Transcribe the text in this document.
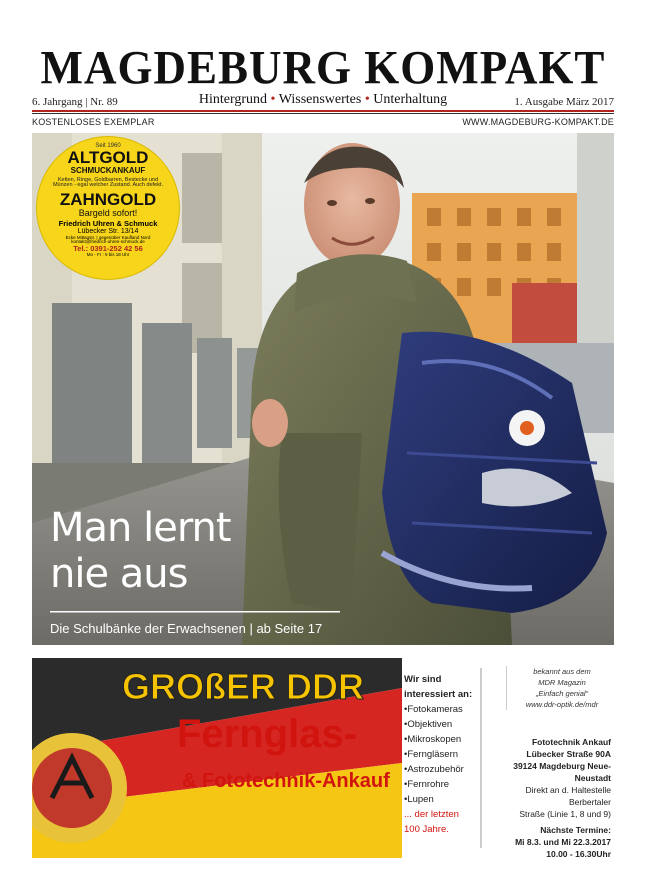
MAGDEBURG KOMPAKT
6. Jahrgang | Nr. 89	Hintergrund • Wissenswertes • Unterhaltung	1. Ausgabe März 2017
KOSTENLOSES EXEMPLAR	WWW.MAGDEBURG-KOMPAKT.DE
Man lernt
nie aus
Die Schulbänke der Erwachsenen | ab Seite 17
Seit 1960
ALTGOLD
SCHMUCKANKAUF
Ketten, Ringe, Goldbarren, Bestecke und Münzen - egal welcher Zustand. Auch defekt.
ZAHNGOLD
Bargeld sofort!
Friedrich Uhren & Schmuck
Lübecker Str. 13/14
Ecke Mittagstr. | gegenüber Kaufland Nord
kontakt@friedrich-uhren-schmuck.de
Tel.: 0391-252 42 56
Mo - Fr : 9 bis 18 Uhr
GROßER DDR
Fernglas-
& Fototechnik-Ankauf
Wir sind interessiert an:
•Fotokameras
•Objektiven
•Mikroskopen
•Ferngläsern
•Astrozubehör
•Fernrohre
•Lupen
... der letzten
100 Jahre.
bekannt aus dem
MDR Magazin
„Einfach genial“
www.ddr-optik.de/mdr
Fototechnik Ankauf
Lübecker Straße 90A
39124 Magdeburg Neue-Neustadt
Direkt an d. Haltestelle Berbertaler
Straße (Linie 1, 8 und 9)
Nächste Termine:
Mi 8.3. und Mi 22.3.2017
10.00 - 16.30Uhr
